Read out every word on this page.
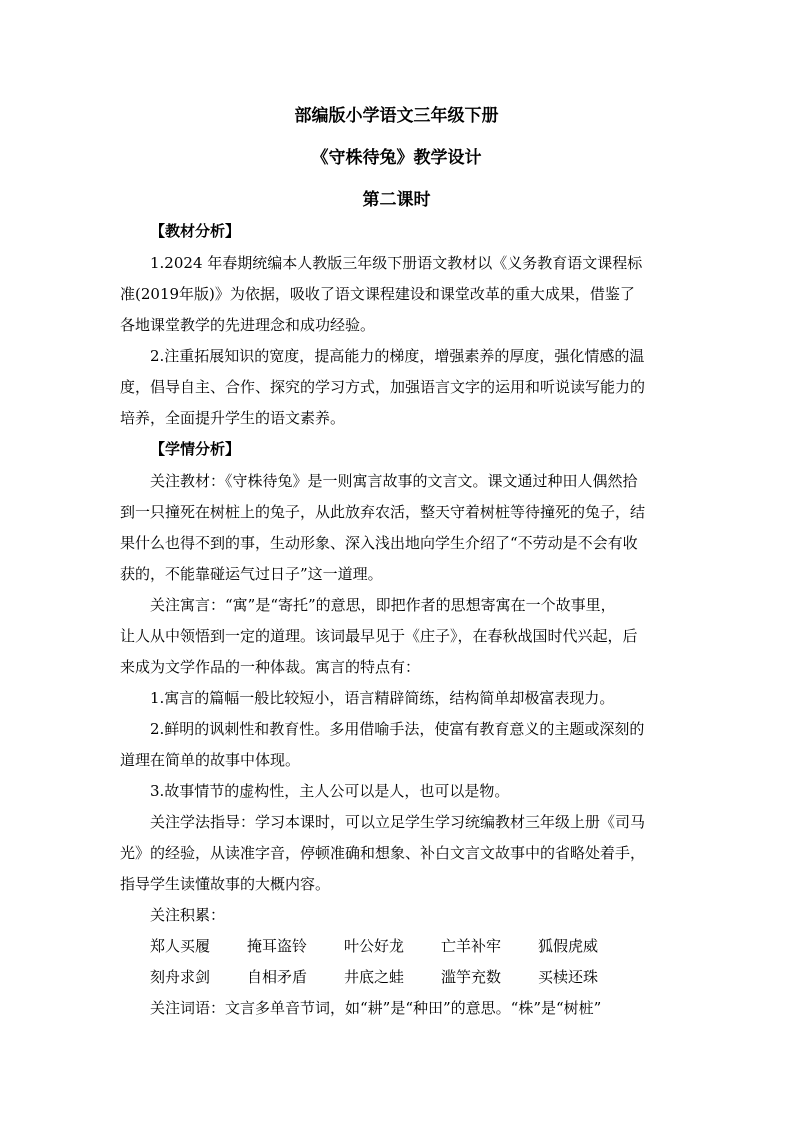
部编版小学语文三年级下册
《守株待兔》教学设计
第二课时
【教材分析】
1.2024 年春期统编本人教版三年级下册语文教材以《义务教育语文课程标
准(2019年版)》为依据，吸收了语文课程建设和课堂改革的重大成果，借鉴了
各地课堂教学的先进理念和成功经验。
2.注重拓展知识的宽度，提高能力的梯度，增强素养的厚度，强化情感的温
度，倡导自主、合作、探究的学习方式，加强语言文字的运用和听说读写能力的
培养，全面提升学生的语文素养。
【学情分析】
关注教材：《守株待兔》是一则寓言故事的文言文。课文通过种田人偶然拾
到一只撞死在树桩上的兔子，从此放弃农活，整天守着树桩等待撞死的兔子，结
果什么也得不到的事，生动形象、深入浅出地向学生介绍了“不劳动是不会有收
获的，不能靠碰运气过日子”这一道理。
关注寓言：“寓”是“寄托”的意思，即把作者的思想寄寓在一个故事里，
让人从中领悟到一定的道理。该词最早见于《庄子》，在春秋战国时代兴起，后
来成为文学作品的一种体裁。寓言的特点有：
1.寓言的篇幅一般比较短小，语言精辟简练，结构简单却极富表现力。
2.鲜明的讽刺性和教育性。多用借喻手法，使富有教育意义的主题或深刻的
道理在简单的故事中体现。
3.故事情节的虚构性，主人公可以是人，也可以是物。
关注学法指导：学习本课时，可以立足学生学习统编教材三年级上册《司马
光》的经验，从读准字音，停顿准确和想象、补白文言文故事中的省略处着手，
指导学生读懂故事的大概内容。
关注积累：
郑人买履 掩耳盗铃 叶公好龙 亡羊补牢 狐假虎威
刻舟求剑 自相矛盾 井底之蛙 滥竽充数 买椟还珠
关注词语：文言多单音节词，如“耕”是“种田”的意思。“株”是“树桩”
